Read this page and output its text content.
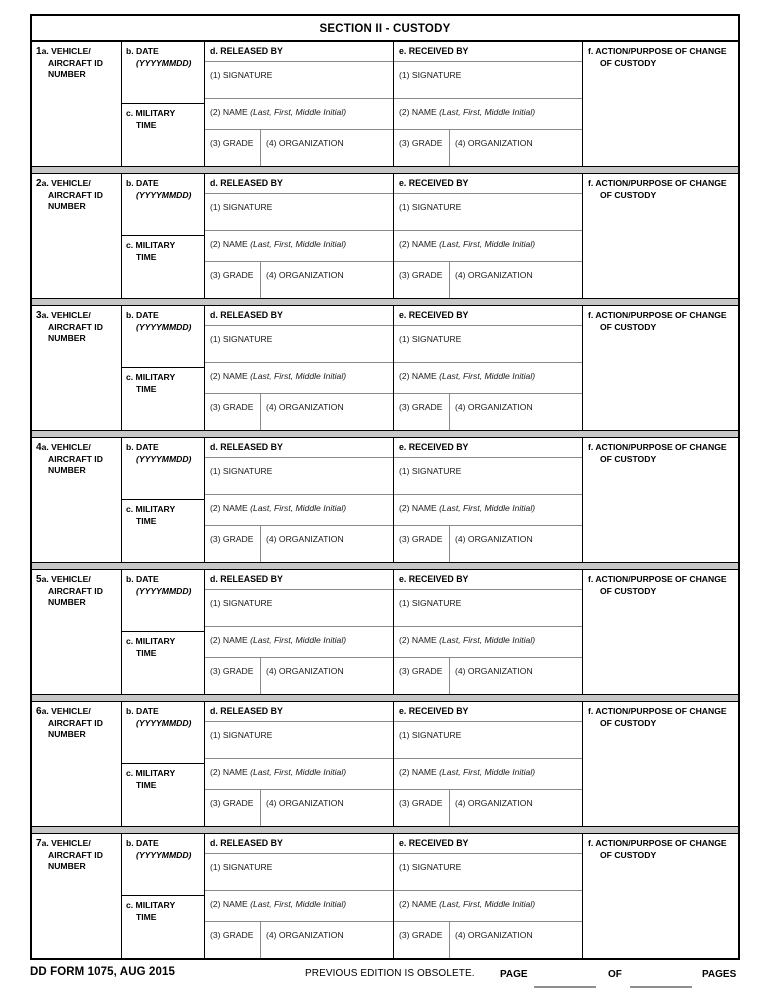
SECTION II - CUSTODY
1a. VEHICLE/
AIRCRAFT ID
NUMBER
b. DATE
(YYYYMMDD)
c. MILITARY
TIME
d. RELEASED BY
(1) SIGNATURE
(2) NAME (Last, First, Middle Initial)
(3) GRADE	(4) ORGANIZATION
e. RECEIVED BY
(1) SIGNATURE
(2) NAME (Last, First, Middle Initial)
(3) GRADE	(4) ORGANIZATION
f. ACTION/PURPOSE OF CHANGE
OF CUSTODY
2a. VEHICLE/
AIRCRAFT ID
NUMBER
b. DATE
(YYYYMMDD)
c. MILITARY
TIME
d. RELEASED BY
(1) SIGNATURE
(2) NAME (Last, First, Middle Initial)
(3) GRADE	(4) ORGANIZATION
e. RECEIVED BY
(1) SIGNATURE
(2) NAME (Last, First, Middle Initial)
(3) GRADE	(4) ORGANIZATION
f. ACTION/PURPOSE OF CHANGE
OF CUSTODY
3a. VEHICLE/
AIRCRAFT ID
NUMBER
b. DATE
(YYYYMMDD)
c. MILITARY
TIME
d. RELEASED BY
(1) SIGNATURE
(2) NAME (Last, First, Middle Initial)
(3) GRADE	(4) ORGANIZATION
e. RECEIVED BY
(1) SIGNATURE
(2) NAME (Last, First, Middle Initial)
(3) GRADE	(4) ORGANIZATION
f. ACTION/PURPOSE OF CHANGE
OF CUSTODY
4a. VEHICLE/
AIRCRAFT ID
NUMBER
b. DATE
(YYYYMMDD)
c. MILITARY
TIME
d. RELEASED BY
(1) SIGNATURE
(2) NAME (Last, First, Middle Initial)
(3) GRADE	(4) ORGANIZATION
e. RECEIVED BY
(1) SIGNATURE
(2) NAME (Last, First, Middle Initial)
(3) GRADE	(4) ORGANIZATION
f. ACTION/PURPOSE OF CHANGE
OF CUSTODY
5a. VEHICLE/
AIRCRAFT ID
NUMBER
b. DATE
(YYYYMMDD)
c. MILITARY
TIME
d. RELEASED BY
(1) SIGNATURE
(2) NAME (Last, First, Middle Initial)
(3) GRADE	(4) ORGANIZATION
e. RECEIVED BY
(1) SIGNATURE
(2) NAME (Last, First, Middle Initial)
(3) GRADE	(4) ORGANIZATION
f. ACTION/PURPOSE OF CHANGE
OF CUSTODY
6a. VEHICLE/
AIRCRAFT ID
NUMBER
b. DATE
(YYYYMMDD)
c. MILITARY
TIME
d. RELEASED BY
(1) SIGNATURE
(2) NAME (Last, First, Middle Initial)
(3) GRADE	(4) ORGANIZATION
e. RECEIVED BY
(1) SIGNATURE
(2) NAME (Last, First, Middle Initial)
(3) GRADE	(4) ORGANIZATION
f. ACTION/PURPOSE OF CHANGE
OF CUSTODY
7a. VEHICLE/
AIRCRAFT ID
NUMBER
b. DATE
(YYYYMMDD)
c. MILITARY
TIME
d. RELEASED BY
(1) SIGNATURE
(2) NAME (Last, First, Middle Initial)
(3) GRADE	(4) ORGANIZATION
e. RECEIVED BY
(1) SIGNATURE
(2) NAME (Last, First, Middle Initial)
(3) GRADE	(4) ORGANIZATION
f. ACTION/PURPOSE OF CHANGE
OF CUSTODY
DD FORM 1075, AUG 2015	PREVIOUS EDITION IS OBSOLETE.	PAGE	OF	PAGES
